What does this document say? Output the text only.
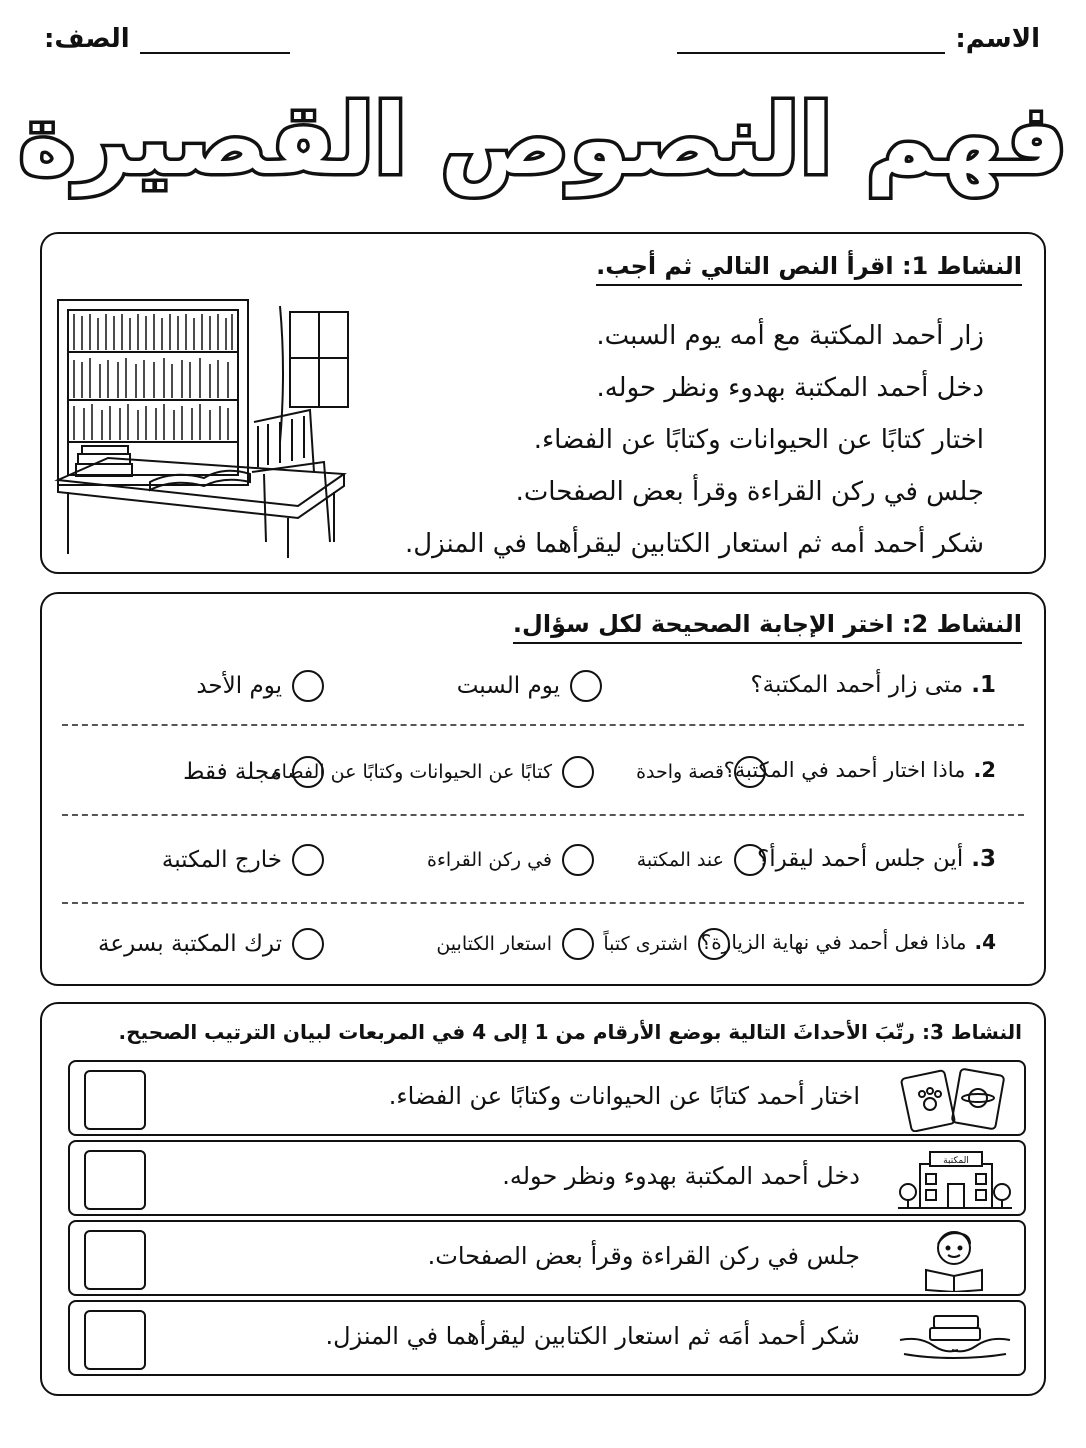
الاسم:
الصف:
فهم النصوص القصيرة
النشاط 1: اقرأ النص التالي ثم أجب.
زار أحمد المكتبة مع أمه يوم السبت.
دخل أحمد المكتبة بهدوء ونظر حوله.
اختار كتابًا عن الحيوانات وكتابًا عن الفضاء.
جلس في ركن القراءة وقرأ بعض الصفحات.
شكر أحمد أمه ثم استعار الكتابين ليقرأهما في المنزل.
النشاط 2: اختر الإجابة الصحيحة لكل سؤال.
1.متى زار أحمد المكتبة؟
يوم السبت
يوم الأحد
2.ماذا اختار أحمد في المكتبة؟
قصة واحدة
كتابًا عن الحيوانات وكتابًا عن الفضاء
مجلة فقط
3.أين جلس أحمد ليقرأ؟
عند المكتبة
في ركن القراءة
خارج المكتبة
4.ماذا فعل أحمد في نهاية الزيارة؟
اشترى كتباً
استعار الكتابين
ترك المكتبة بسرعة
النشاط 3: رتّبَ الأحداثَ التالية بوضع الأرقام من 1 إلى 4 في المربعات لبيان الترتيب الصحيح.
اختار أحمد كتابًا عن الحيوانات وكتابًا عن الفضاء.
دخل أحمد المكتبة بهدوء ونظر حوله.
المكتبة
جلس في ركن القراءة وقرأ بعض الصفحات.
شكر أحمد أمَه ثم استعار الكتابين ليقرأهما في المنزل.
